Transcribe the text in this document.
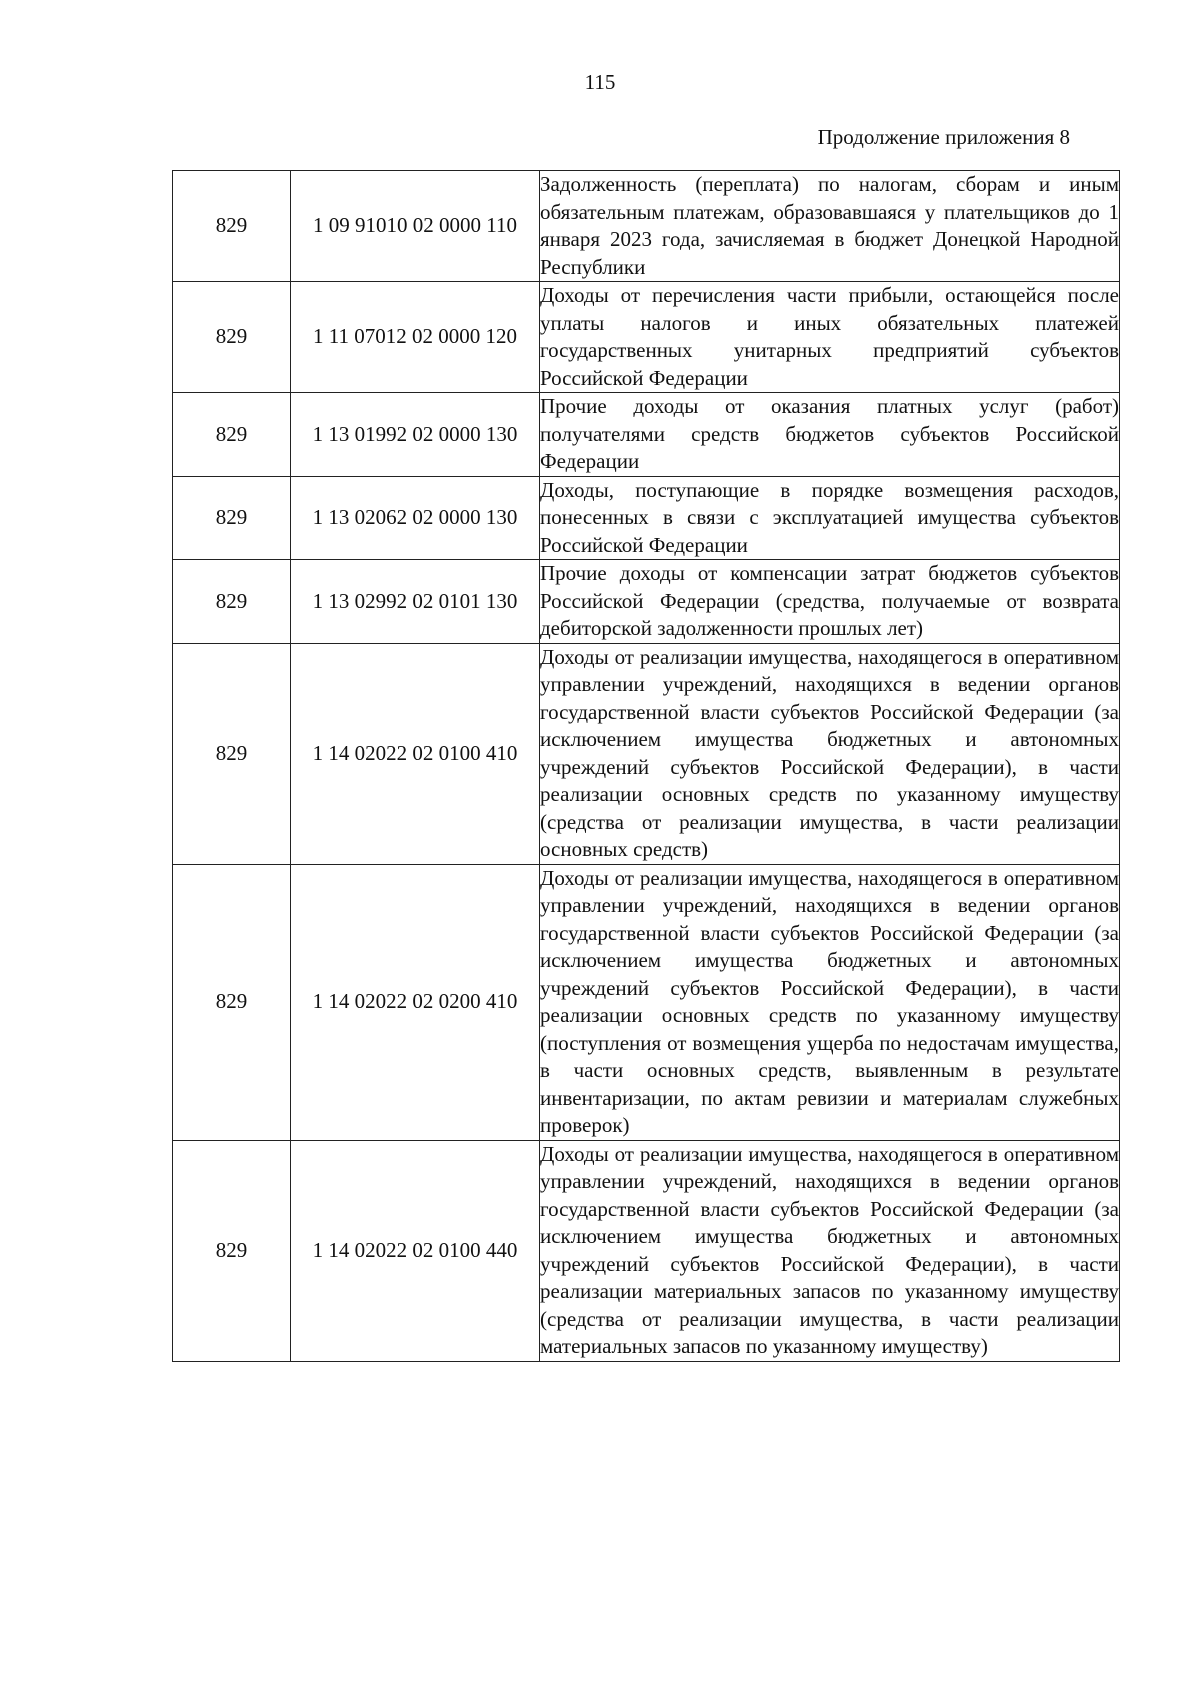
115
Продолжение приложения 8
829	1 09 91010 02 0000 110	Задолженность (переплата) по налогам, сборам и иным обязательным платежам, образовавшаяся у плательщиков до 1 января 2023 года, зачисляемая в бюджет Донецкой Народной Республики
829	1 11 07012 02 0000 120	Доходы от перечисления части прибыли, остающейся после уплаты налогов и иных обязательных платежей государственных унитарных предприятий субъектов Российской Федерации
829	1 13 01992 02 0000 130	Прочие доходы от оказания платных услуг (работ) получателями средств бюджетов субъектов Российской Федерации
829	1 13 02062 02 0000 130	Доходы, поступающие в порядке возмещения расходов, понесенных в связи с эксплуатацией имущества субъектов Российской Федерации
829	1 13 02992 02 0101 130	Прочие доходы от компенсации затрат бюджетов субъектов Российской Федерации (средства, получаемые от возврата дебиторской задолженности прошлых лет)
829	1 14 02022 02 0100 410	Доходы от реализации имущества, находящегося в оперативном управлении учреждений, находящихся в ведении органов государственной власти субъектов Российской Федерации (за исключением имущества бюджетных и автономных учреждений субъектов Российской Федерации), в части реализации основных средств по указанному имуществу (средства от реализации имущества, в части реализации основных средств)
829	1 14 02022 02 0200 410	Доходы от реализации имущества, находящегося в оперативном управлении учреждений, находящихся в ведении органов государственной власти субъектов Российской Федерации (за исключением имущества бюджетных и автономных учреждений субъектов Российской Федерации), в части реализации основных средств по указанному имуществу (поступления от возмещения ущерба по недостачам имущества, в части основных средств, выявленным в результате инвентаризации, по актам ревизии и материалам служебных проверок)
829	1 14 02022 02 0100 440	Доходы от реализации имущества, находящегося в оперативном управлении учреждений, находящихся в ведении органов государственной власти субъектов Российской Федерации (за исключением имущества бюджетных и автономных учреждений субъектов Российской Федерации), в части реализации материальных запасов по указанному имуществу (средства от реализации имущества, в части реализации материальных запасов по указанному имуществу)
